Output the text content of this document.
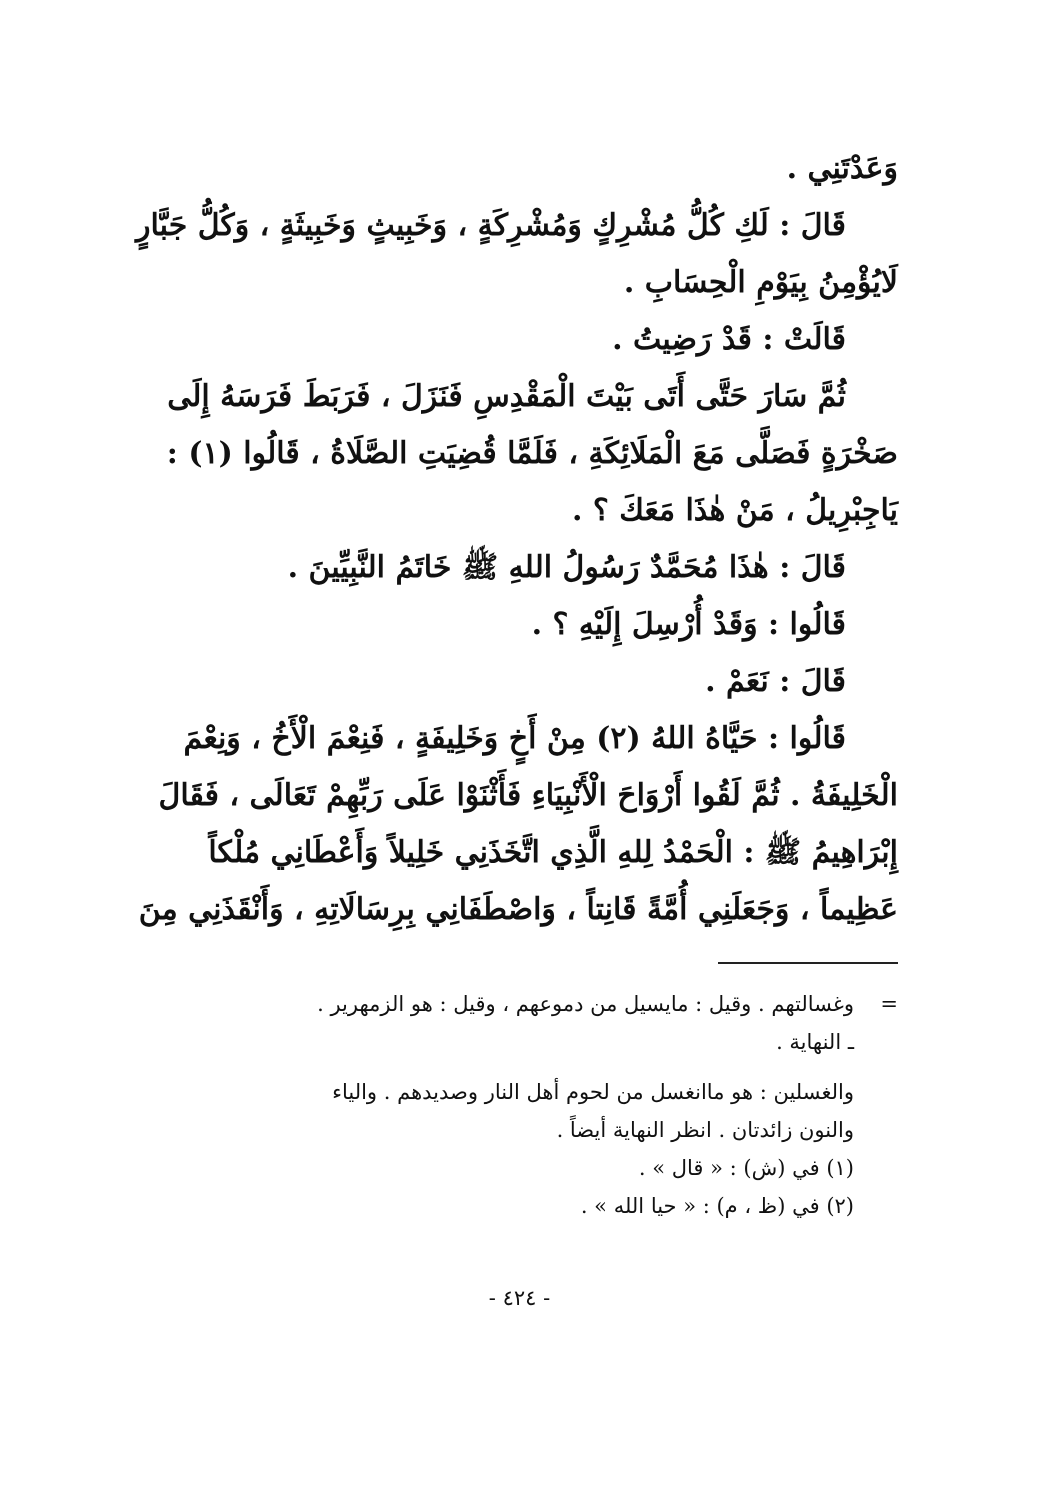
وَعَدْتَنِي .
قَالَ : لَكِ كُلُّ مُشْرِكٍ وَمُشْرِكَةٍ ، وَخَبِيثٍ وَخَبِيثَةٍ ، وَكُلُّ جَبَّارٍ
لَايُؤْمِنُ بِيَوْمِ الْحِسَابِ .
قَالَتْ : قَدْ رَضِيتُ .
ثُمَّ سَارَ حَتَّى أَتَى بَيْتَ الْمَقْدِسِ فَنَزَلَ ، فَرَبَطَ فَرَسَهُ إِلَى
صَخْرَةٍ فَصَلَّى مَعَ الْمَلَائِكَةِ ، فَلَمَّا قُضِيَتِ الصَّلَاةُ ، قَالُوا (١) :
يَاجِبْرِيلُ ، مَنْ هٰذَا مَعَكَ ؟ .
قَالَ : هٰذَا مُحَمَّدٌ رَسُولُ اللهِ ﷺ خَاتَمُ النَّبِيِّينَ .
قَالُوا : وَقَدْ أُرْسِلَ إِلَيْهِ ؟ .
قَالَ : نَعَمْ .
قَالُوا : حَيَّاهُ اللهُ (٢) مِنْ أَخٍ وَخَلِيفَةٍ ، فَنِعْمَ الْأَخُ ، وَنِعْمَ
الْخَلِيفَةُ . ثُمَّ لَقُوا أَرْوَاحَ الْأَنْبِيَاءِ فَأَثْنَوْا عَلَى رَبِّهِمْ تَعَالَى ، فَقَالَ
إِبْرَاهِيمُ ﷺ : الْحَمْدُ لِلهِ الَّذِي اتَّخَذَنِي خَلِيلاً وَأَعْطَانِي مُلْكاً
عَظِيماً ، وَجَعَلَنِي أُمَّةً قَانِتاً ، وَاصْطَفَانِي بِرِسَالَاتِهِ ، وَأَنْقَذَنِي مِنَ
=وغسالتهم . وقيل : مايسيل من دموعهم ، وقيل : هو الزمهرير .
ـ النهاية .
والغسلين : هو ماانغسل من لحوم أهل النار وصديدهم . والياء
والنون زائدتان . انظر النهاية أيضاً .
(١) في (ش) : « قال » .
(٢) في (ظ ، م) : « حيا الله » .
- ٤٢٤ -
